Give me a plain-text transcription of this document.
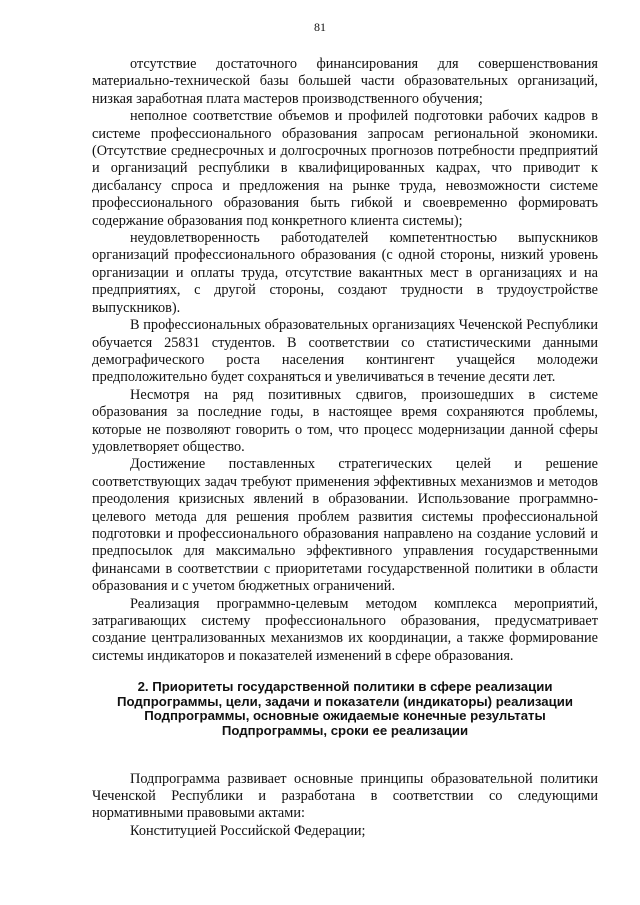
81

отсутствие достаточного финансирования для совершенствования материально-технической базы большей части образовательных организаций, низкая заработная плата мастеров производственного обучения;

неполное соответствие объемов и профилей подготовки рабочих кадров в системе профессионального образования запросам региональной экономики. (Отсутствие среднесрочных и долгосрочных прогнозов потребности предприятий и организаций республики в квалифицированных кадрах, что приводит к дисбалансу спроса и предложения на рынке труда, невозможности системе профессионального образования быть гибкой и своевременно формировать содержание образования под конкретного клиента системы);

неудовлетворенность работодателей компетентностью выпускников организаций профессионального образования (с одной стороны, низкий уровень организации и оплаты труда, отсутствие вакантных мест в организациях и на предприятиях, с другой стороны, создают трудности в трудоустройстве выпускников).

В профессиональных образовательных организациях Чеченской Республики обучается 25831 студентов. В соответствии со статистическими данными демографического роста населения контингент учащейся молодежи предположительно будет сохраняться и увеличиваться в течение десяти лет.

Несмотря на ряд позитивных сдвигов, произошедших в системе образования за последние годы, в настоящее время сохраняются проблемы, которые не позволяют говорить о том, что процесс модернизации данной сферы удовлетворяет общество.

Достижение поставленных стратегических целей и решение соответствующих задач требуют применения эффективных механизмов и методов преодоления кризисных явлений в образовании. Использование программно-целевого метода для решения проблем развития системы профессиональной подготовки и профессионального образования направлено на создание условий и предпосылок для максимально эффективного управления государственными финансами в соответствии с приоритетами государственной политики в области образования и с учетом бюджетных ограничений.

Реализация программно-целевым методом комплекса мероприятий, затрагивающих систему профессионального образования, предусматривает создание централизованных механизмов их координации, а также формирование системы индикаторов и показателей изменений в сфере образования.

2. Приоритеты государственной политики в сфере реализации
Подпрограммы, цели, задачи и показатели (индикаторы) реализации
Подпрограммы, основные ожидаемые конечные результаты
Подпрограммы, сроки ее реализации

Подпрограмма развивает основные принципы образовательной политики Чеченской Республики и разработана в соответствии со следующими нормативными правовыми актами:

Конституцией Российской Федерации;
